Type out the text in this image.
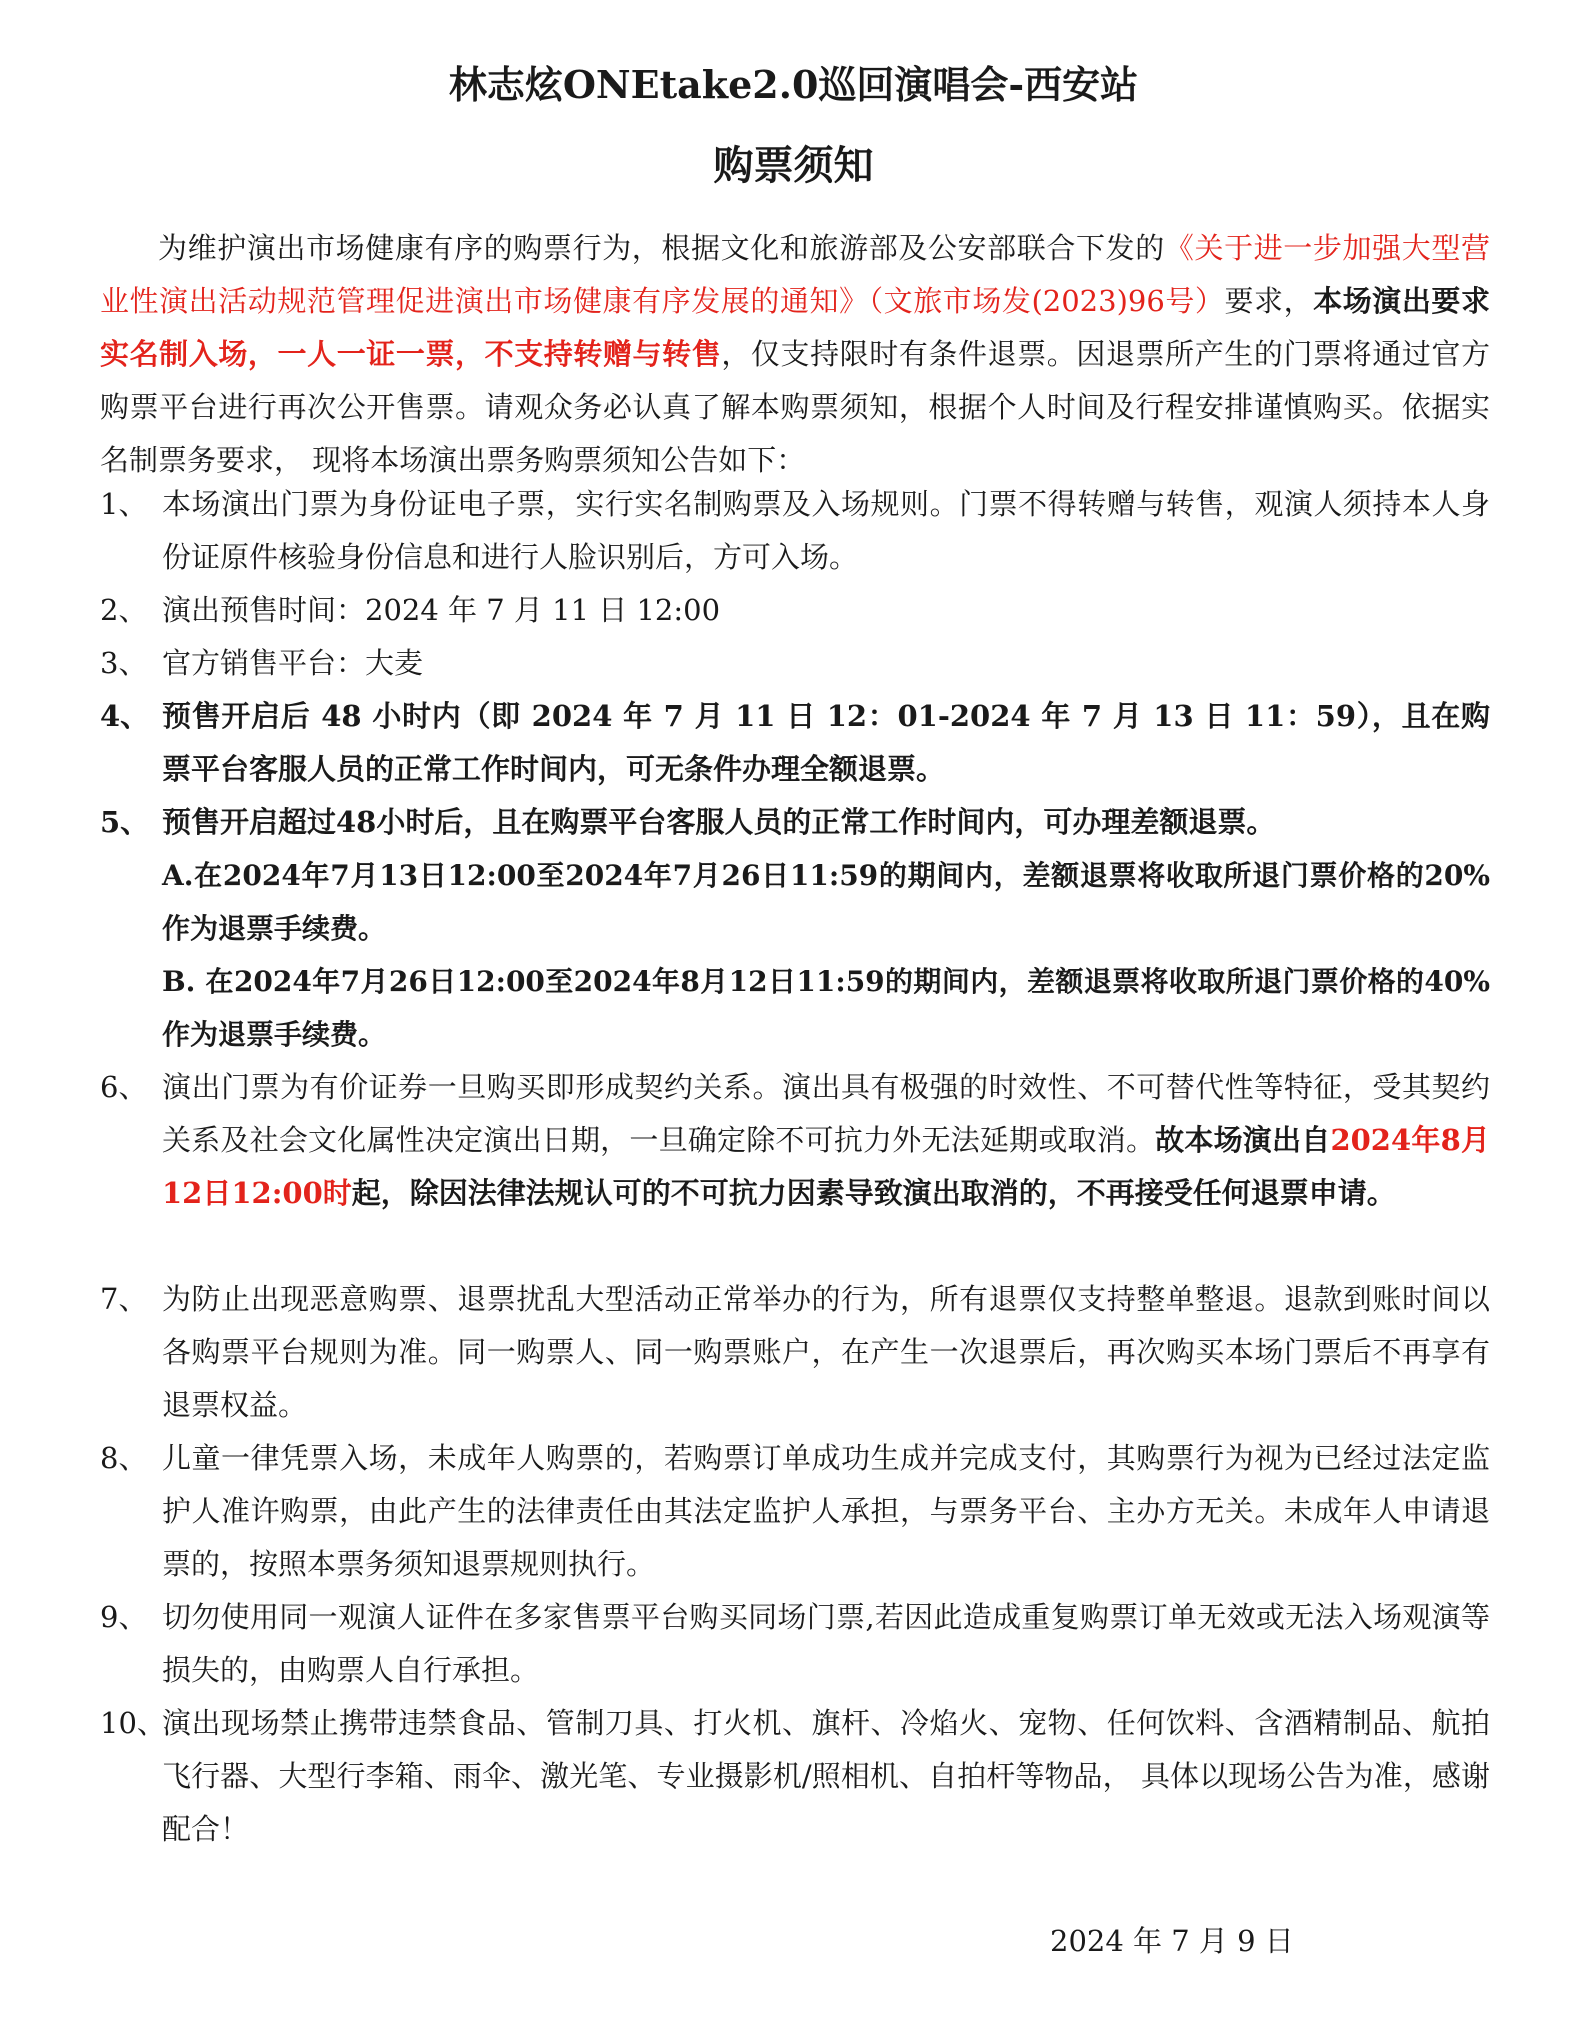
林志炫ONEtake2.0巡回演唱会-西安站
购票须知
为维护演出市场健康有序的购票行为，根据文化和旅游部及公安部联合下发的《关于进一步加强大型营业性演出活动规范管理促进演出市场健康有序发展的通知》（文旅市场发(2023)96号）要求，本场演出要求实名制入场，一人一证一票，不支持转赠与转售，仅支持限时有条件退票。因退票所产生的门票将通过官方购票平台进行再次公开售票。请观众务必认真了解本购票须知，根据个人时间及行程安排谨慎购买。依据实名制票务要求， 现将本场演出票务购票须知公告如下：
1、 本场演出门票为身份证电子票，实行实名制购票及入场规则。门票不得转赠与转售，观演人须持本人身份证原件核验身份信息和进行人脸识别后，方可入场。
2、 演出预售时间：2024 年 7 月 11 日 12:00
3、 官方销售平台：大麦
4、 预售开启后 48 小时内（即 2024 年 7 月 11 日 12：01-2024 年 7 月 13 日 11：59），且在购票平台客服人员的正常工作时间内，可无条件办理全额退票。
5、 预售开启超过48小时后，且在购票平台客服人员的正常工作时间内，可办理差额退票。
A.在2024年7月13日12:00至2024年7月26日11:59的期间内，差额退票将收取所退门票价格的20%作为退票手续费。
B. 在2024年7月26日12:00至2024年8月12日11:59的期间内，差额退票将收取所退门票价格的40%作为退票手续费。
6、 演出门票为有价证券一旦购买即形成契约关系。演出具有极强的时效性、不可替代性等特征，受其契约关系及社会文化属性决定演出日期，一旦确定除不可抗力外无法延期或取消。故本场演出自2024年8月12日12:00时起，除因法律法规认可的不可抗力因素导致演出取消的，不再接受任何退票申请。
7、 为防止出现恶意购票、退票扰乱大型活动正常举办的行为，所有退票仅支持整单整退。退款到账时间以各购票平台规则为准。同一购票人、同一购票账户，在产生一次退票后，再次购买本场门票后不再享有退票权益。
8、 儿童一律凭票入场，未成年人购票的，若购票订单成功生成并完成支付，其购票行为视为已经过法定监护人准许购票，由此产生的法律责任由其法定监护人承担，与票务平台、主办方无关。未成年人申请退票的，按照本票务须知退票规则执行。
9、 切勿使用同一观演人证件在多家售票平台购买同场门票,若因此造成重复购票订单无效或无法入场观演等损失的，由购票人自行承担。
10、
演出现场禁止携带违禁食品、管制刀具、打火机、旗杆、冷焰火、宠物、任何饮料、含酒精制品、航拍飞行器、大型行李箱、雨伞、激光笔、专业摄影机/照相机、自拍杆等物品， 具体以现场公告为准，感谢配合！
2024 年 7 月 9 日
